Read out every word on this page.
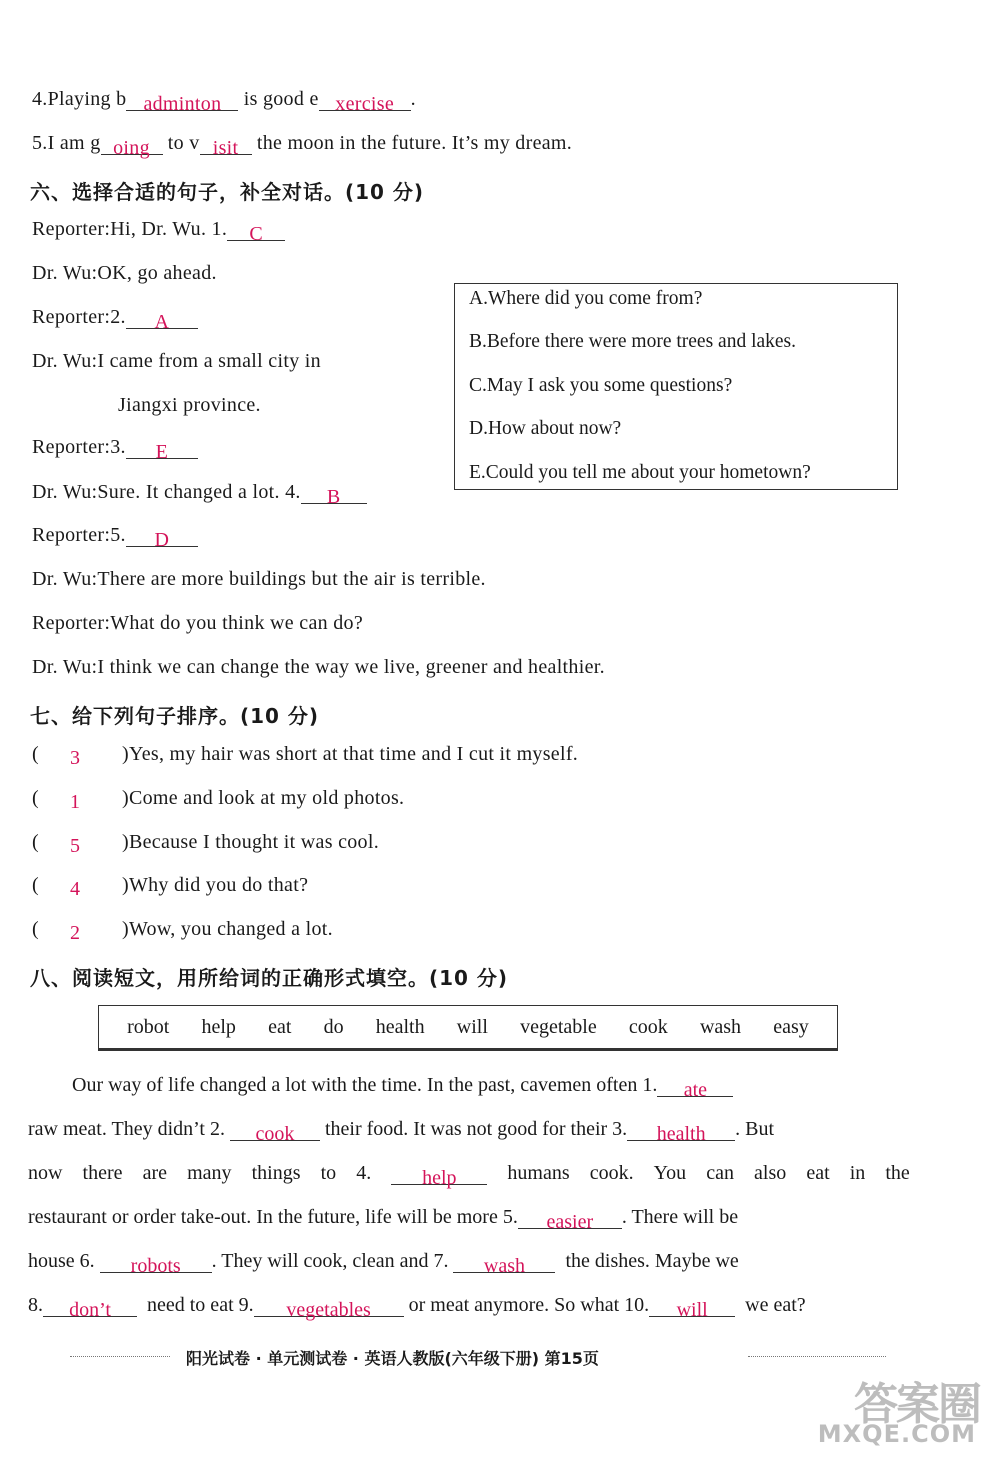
4.Playing b adminton is good e xercise .
5.I am g oing to v isit the moon in the future. It’s my dream.
六、选择合适的句子，补全对话。(10 分)
Reporter:Hi, Dr. Wu. 1. C
Dr. Wu:OK, go ahead.
Reporter:2. A
Dr. Wu:I came from a small city in
Jiangxi province.
Reporter:3. E
Dr. Wu:Sure. It changed a lot. 4. B
Reporter:5. D
Dr. Wu:There are more buildings but the air is terrible.
Reporter:What do you think we can do?
Dr. Wu:I think we can change the way we live, greener and healthier.
A.Where did you come from?
B.Before there were more trees and lakes.
C.May I ask you some questions?
D.How about now?
E.Could you tell me about your hometown?
七、给下列句子排序。(10 分)
( 3 )Yes, my hair was short at that time and I cut it myself.
( 1 )Come and look at my old photos.
( 5 )Because I thought it was cool.
( 4 )Why did you do that?
( 2 )Wow, you changed a lot.
八、阅读短文，用所给词的正确形式填空。(10 分)
robot help eat do health will vegetable cook wash easy
Our way of life changed a lot with the time. In the past, cavemen often 1. ate
raw meat. They didn’t 2. cook their food. It was not good for their 3. health . But
now there are many things to 4.	help	humans cook. You can also eat in the
restaurant or order take-out. In the future, life will be more 5. easier . There will be
house 6. robots . They will cook, clean and 7. wash the dishes. Maybe we
8. don’t need to eat 9. vegetables or meat anymore. So what 10. will we eat?
阳光试卷 · 单元测试卷 · 英语人教版(六年级下册) 第15页
答案圈
MXQE.COM
